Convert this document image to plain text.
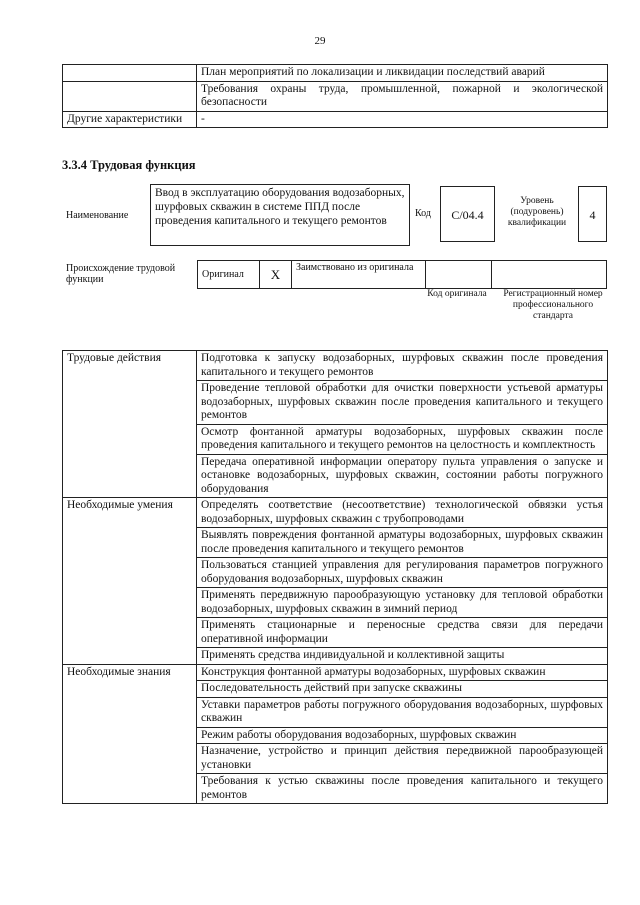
29
	План мероприятий по локализации и ликвидации последствий аварий
	Требования охраны труда, промышленной, пожарной и экологической безопасности
Другие характеристики	-
3.3.4 Трудовая функция
Наименование
Ввод в эксплуатацию оборудования водозаборных, шурфовых скважин в системе ППД после проведения капитального и текущего ремонтов
Код	С/04.4
Уровень (подуровень) квалификации
4
Происхождение трудовой функции	Оригинал	X	Заимствовано из оригинала		
Код оригинала	Регистрационный номер профессионального стандарта
Трудовые действия	Подготовка к запуску водозаборных, шурфовых скважин после проведения капитального и текущего ремонтов
	Проведение тепловой обработки для очистки поверхности устьевой арматуры водозаборных, шурфовых скважин после проведения капитального и текущего ремонтов
	Осмотр фонтанной арматуры водозаборных, шурфовых скважин после проведения капитального и текущего ремонтов на целостность и комплектность
	Передача оперативной информации оператору пульта управления о запуске и остановке водозаборных, шурфовых скважин, состоянии работы погружного оборудования
Необходимые умения	Определять соответствие (несоответствие) технологической обвязки устья водозаборных, шурфовых скважин с трубопроводами
	Выявлять повреждения фонтанной арматуры водозаборных, шурфовых скважин после проведения капитального и текущего ремонтов
	Пользоваться станцией управления для регулирования параметров погружного оборудования водозаборных, шурфовых скважин
	Применять передвижную парообразующую установку для тепловой обработки водозаборных, шурфовых скважин в зимний период
	Применять стационарные и переносные средства связи для передачи оперативной информации
	Применять средства индивидуальной и коллективной защиты
Необходимые знания	Конструкция фонтанной арматуры водозаборных, шурфовых скважин
	Последовательность действий при запуске скважины
	Уставки параметров работы погружного оборудования водозаборных, шурфовых скважин
	Режим работы оборудования водозаборных, шурфовых скважин
	Назначение, устройство и принцип действия передвижной парообразующей установки
	Требования к устью скважины после проведения капитального и текущего ремонтов
